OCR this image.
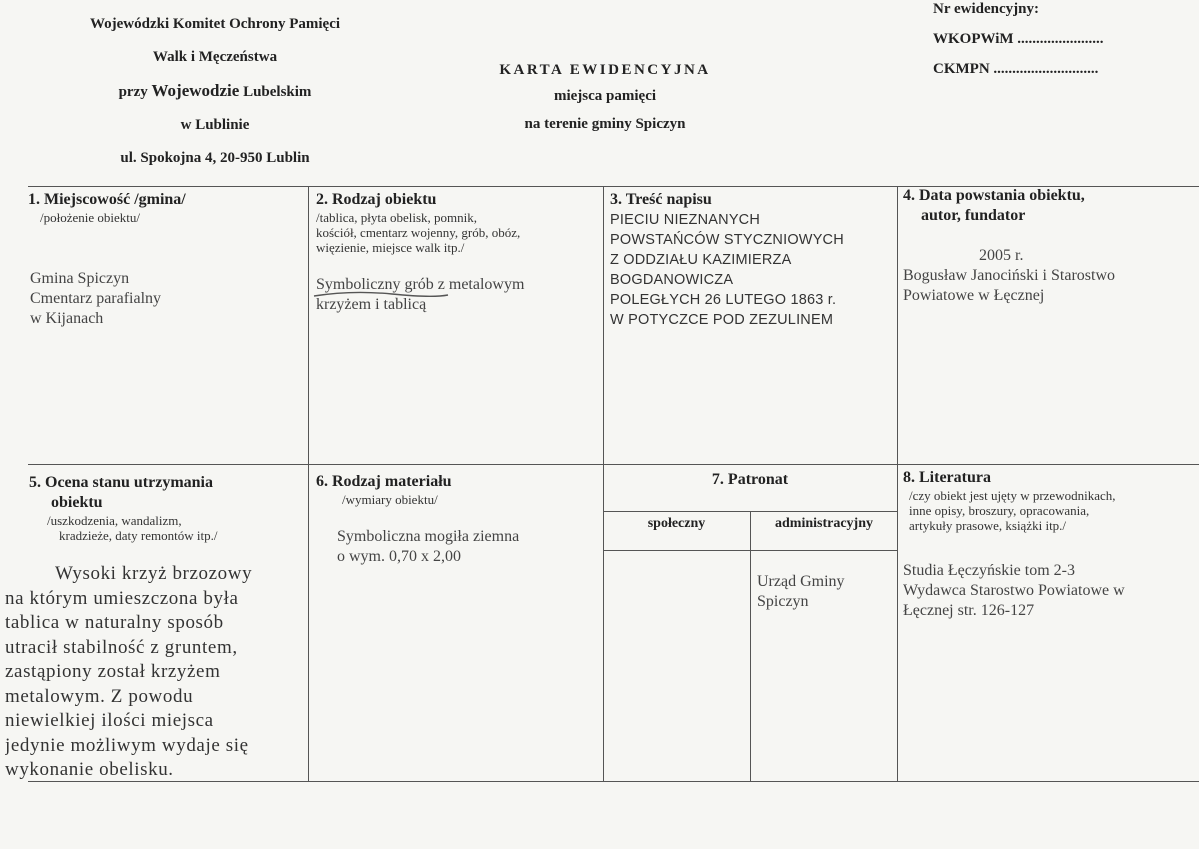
Wojewódzki Komitet Ochrony Pamięci
Walk i Męczeństwa
przy Wojewodzie Lubelskim
w Lublinie
ul. Spokojna 4, 20-950 Lublin
KARTA EWIDENCYJNA
miejsca pamięci
na terenie gminy Spiczyn
Nr ewidencyjny:
WKOPWiM .......................
CKMPN ............................
1. Miejscowość /gmina/
/położenie obiektu/
Gmina Spiczyn
Cmentarz parafialny
w Kijanach
2. Rodzaj obiektu
/tablica, płyta obelisk, pomnik,
kościół, cmentarz wojenny, grób, obóz,
więzienie, miejsce walk itp./
Symboliczny grób z metalowym
krzyżem i tablicą
3. Treść napisu
PIECIU NIEZNANYCH
POWSTAŃCÓW STYCZNIOWYCH
Z ODDZIAŁU KAZIMIERZA
BOGDANOWICZA
POLEGŁYCH 26 LUTEGO 1863 r.
W POTYCZCE POD ZEZULINEM
4. Data powstania obiektu,
autor, fundator
2005 r.
Bogusław Janociński i Starostwo
Powiatowe w Łęcznej
5. Ocena stanu utrzymania
obiektu
/uszkodzenia, wandalizm,
kradzieże, daty remontów itp./
Wysoki krzyż brzozowy
na którym umieszczona była
tablica w naturalny sposób
utracił stabilność z gruntem,
zastąpiony został krzyżem
metalowym. Z powodu
niewielkiej ilości miejsca
jedynie możliwym wydaje się
wykonanie obelisku.
6. Rodzaj materiału
/wymiary obiektu/
Symboliczna mogiła ziemna
o wym. 0,70 x 2,00
7. Patronat
społeczny	administracyjny
Urząd Gminy
Spiczyn
8. Literatura
/czy obiekt jest ujęty w przewodnikach,
inne opisy, broszury, opracowania,
artykuły prasowe, książki itp./
Studia Łęczyńskie tom 2-3
Wydawca Starostwo Powiatowe w
Łęcznej str. 126-127
